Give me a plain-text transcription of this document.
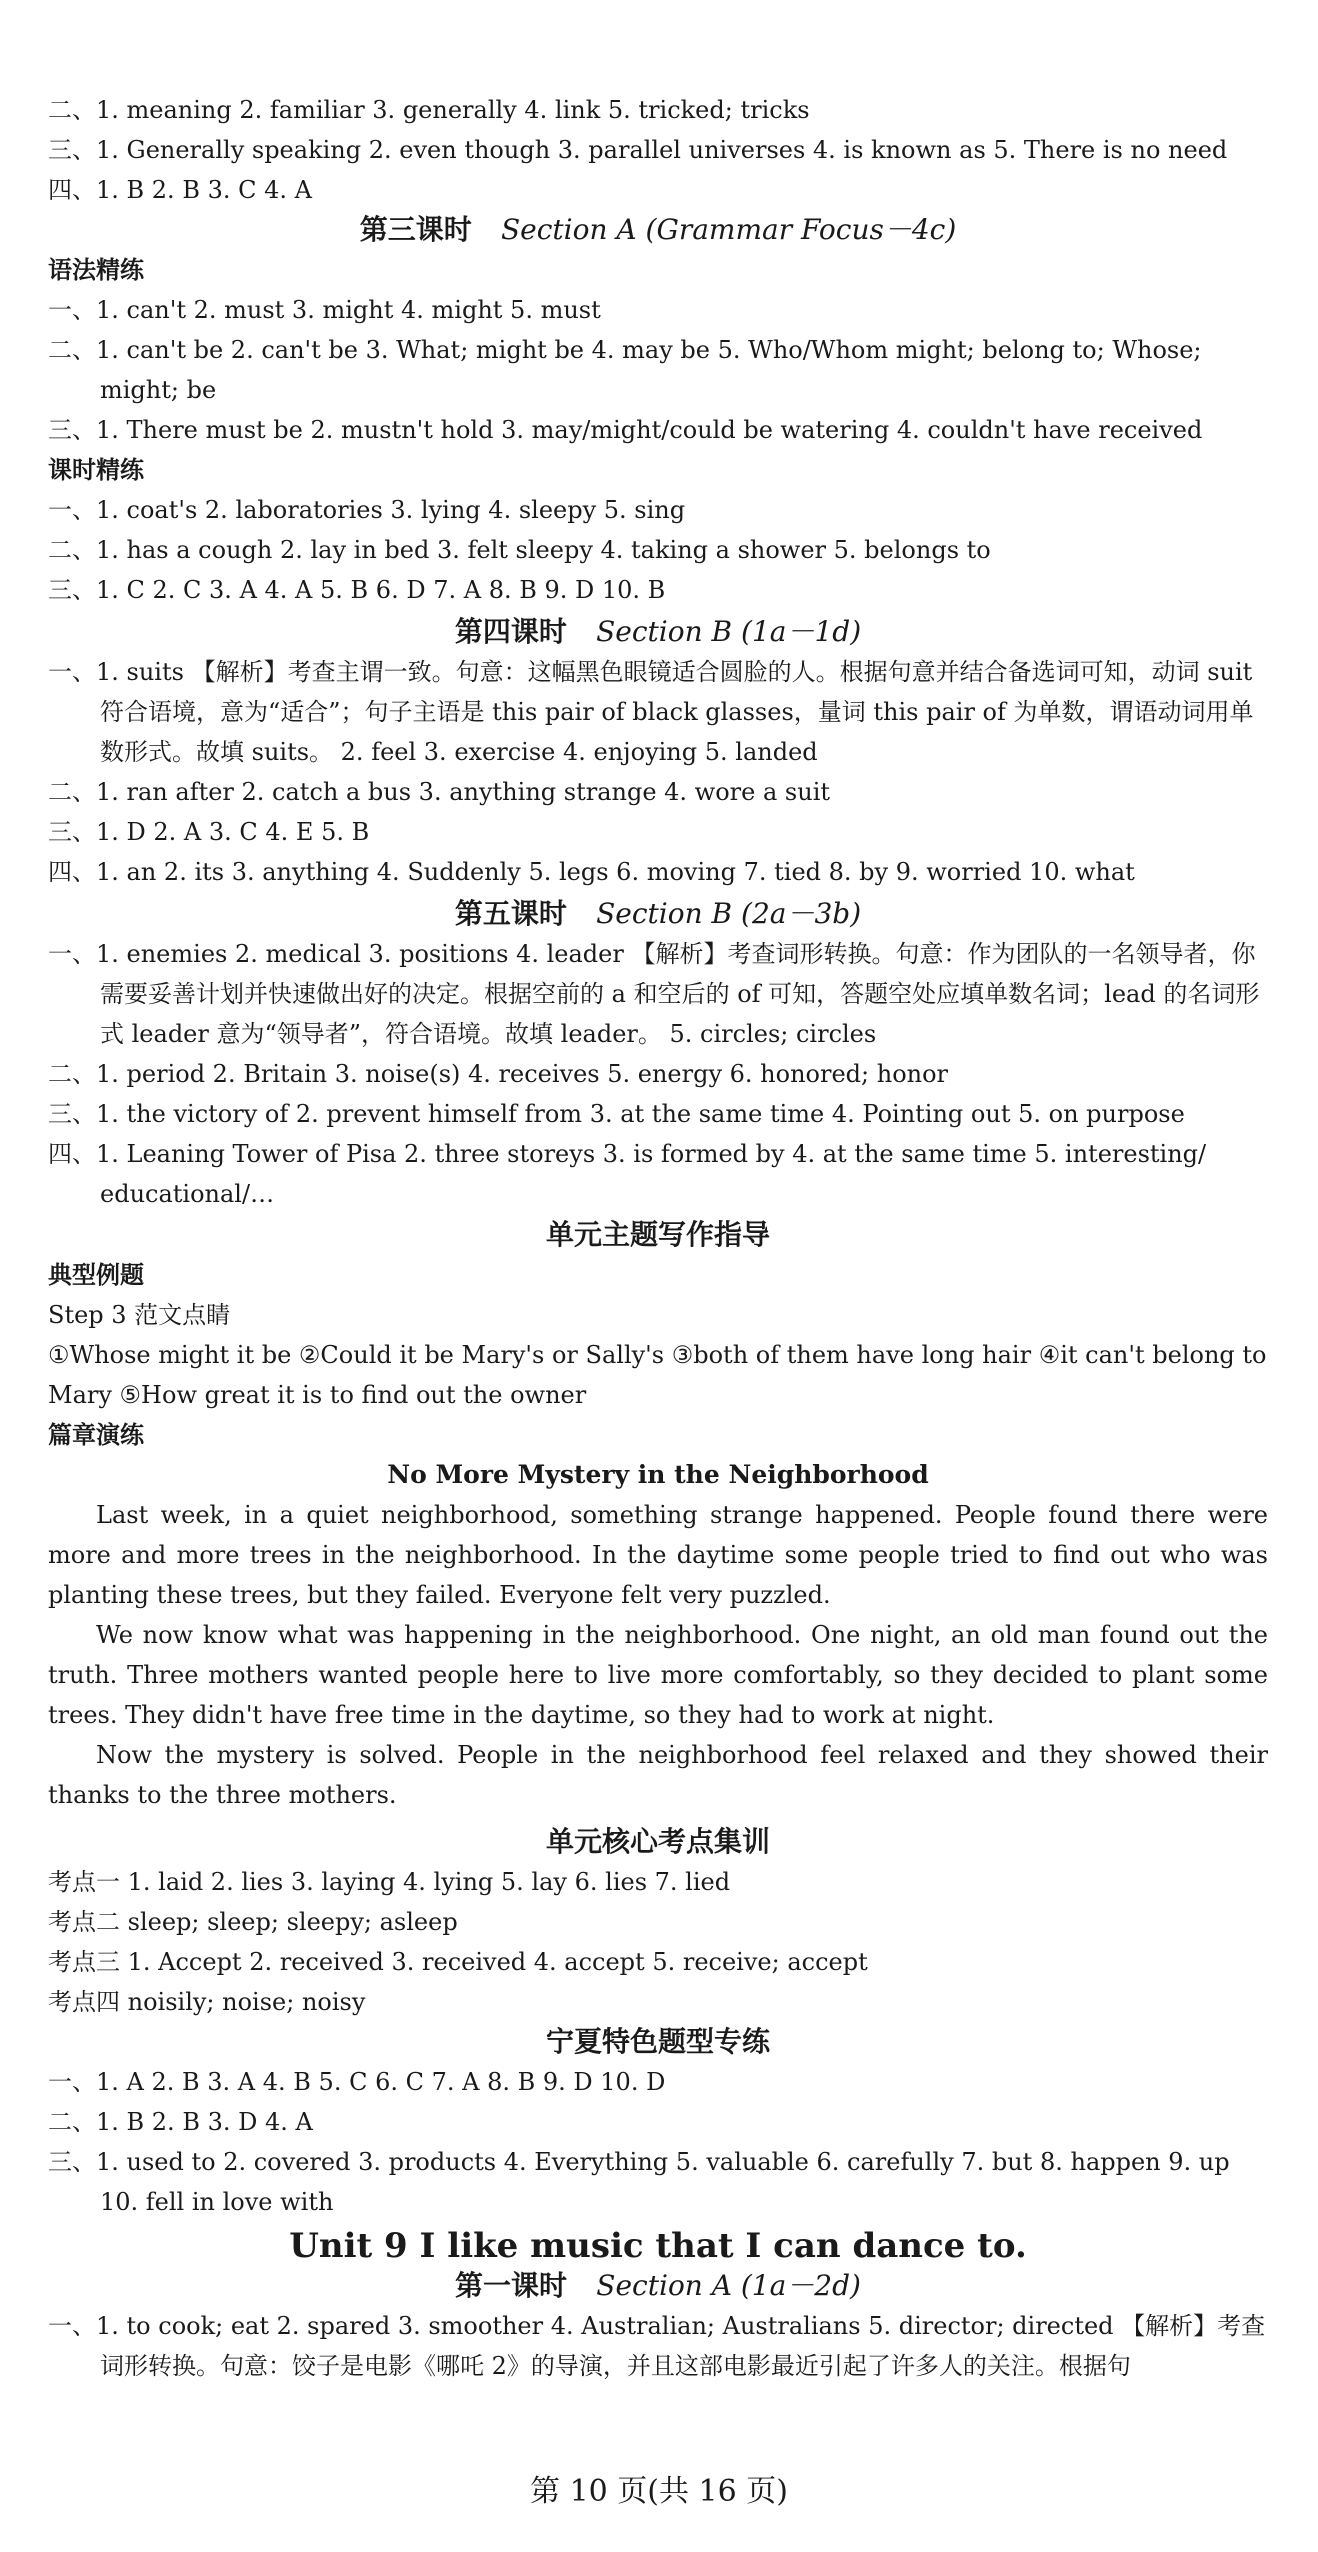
二、1. meaning 2. familiar 3. generally 4. link 5. tricked; tricks
三、1. Generally speaking 2. even though 3. parallel universes 4. is known as 5. There is no need
四、1. B 2. B 3. C 4. A
第三课时 Section A (Grammar Focus－4c)
语法精练
一、1. can't 2. must 3. might 4. might 5. must
二、1. can't be 2. can't be 3. What; might be 4. may be 5. Who/Whom might; belong to; Whose; might; be
三、1. There must be 2. mustn't hold 3. may/might/could be watering 4. couldn't have received
课时精练
一、1. coat's 2. laboratories 3. lying 4. sleepy 5. sing
二、1. has a cough 2. lay in bed 3. felt sleepy 4. taking a shower 5. belongs to
三、1. C 2. C 3. A 4. A 5. B 6. D 7. A 8. B 9. D 10. B
第四课时 Section B (1a－1d)
一、1. suits 【解析】考查主谓一致。句意：这幅黑色眼镜适合圆脸的人。根据句意并结合备选词可知，动词 suit 符合语境，意为“适合”；句子主语是 this pair of black glasses，量词 this pair of 为单数，谓语动词用单数形式。故填 suits。 2. feel 3. exercise 4. enjoying 5. landed
二、1. ran after 2. catch a bus 3. anything strange 4. wore a suit
三、1. D 2. A 3. C 4. E 5. B
四、1. an 2. its 3. anything 4. Suddenly 5. legs 6. moving 7. tied 8. by 9. worried 10. what
第五课时 Section B (2a－3b)
一、1. enemies 2. medical 3. positions 4. leader 【解析】考查词形转换。句意：作为团队的一名领导者，你需要妥善计划并快速做出好的决定。根据空前的 a 和空后的 of 可知，答题空处应填单数名词；lead 的名词形式 leader 意为“领导者”，符合语境。故填 leader。 5. circles; circles
二、1. period 2. Britain 3. noise(s) 4. receives 5. energy 6. honored; honor
三、1. the victory of 2. prevent himself from 3. at the same time 4. Pointing out 5. on purpose
四、1. Leaning Tower of Pisa 2. three storeys 3. is formed by 4. at the same time 5. interesting/ educational/…
单元主题写作指导
典型例题
Step 3 范文点睛
①Whose might it be ②Could it be Mary's or Sally's ③both of them have long hair ④it can't belong to Mary ⑤How great it is to find out the owner
篇章演练
No More Mystery in the Neighborhood
Last week, in a quiet neighborhood, something strange happened. People found there were more and more trees in the neighborhood. In the daytime some people tried to find out who was planting these trees, but they failed. Everyone felt very puzzled.
We now know what was happening in the neighborhood. One night, an old man found out the truth. Three mothers wanted people here to live more comfortably, so they decided to plant some trees. They didn't have free time in the daytime, so they had to work at night.
Now the mystery is solved. People in the neighborhood feel relaxed and they showed their thanks to the three mothers.
单元核心考点集训
考点一 1. laid 2. lies 3. laying 4. lying 5. lay 6. lies 7. lied
考点二 sleep; sleep; sleepy; asleep
考点三 1. Accept 2. received 3. received 4. accept 5. receive; accept
考点四 noisily; noise; noisy
宁夏特色题型专练
一、1. A 2. B 3. A 4. B 5. C 6. C 7. A 8. B 9. D 10. D
二、1. B 2. B 3. D 4. A
三、1. used to 2. covered 3. products 4. Everything 5. valuable 6. carefully 7. but 8. happen 9. up 10. fell in love with
Unit 9 I like music that I can dance to.
第一课时 Section A (1a－2d)
一、1. to cook; eat 2. spared 3. smoother 4. Australian; Australians 5. director; directed 【解析】考查词形转换。句意：饺子是电影《哪吒 2》的导演，并且这部电影最近引起了许多人的关注。根据句
第 10 页(共 16 页)
